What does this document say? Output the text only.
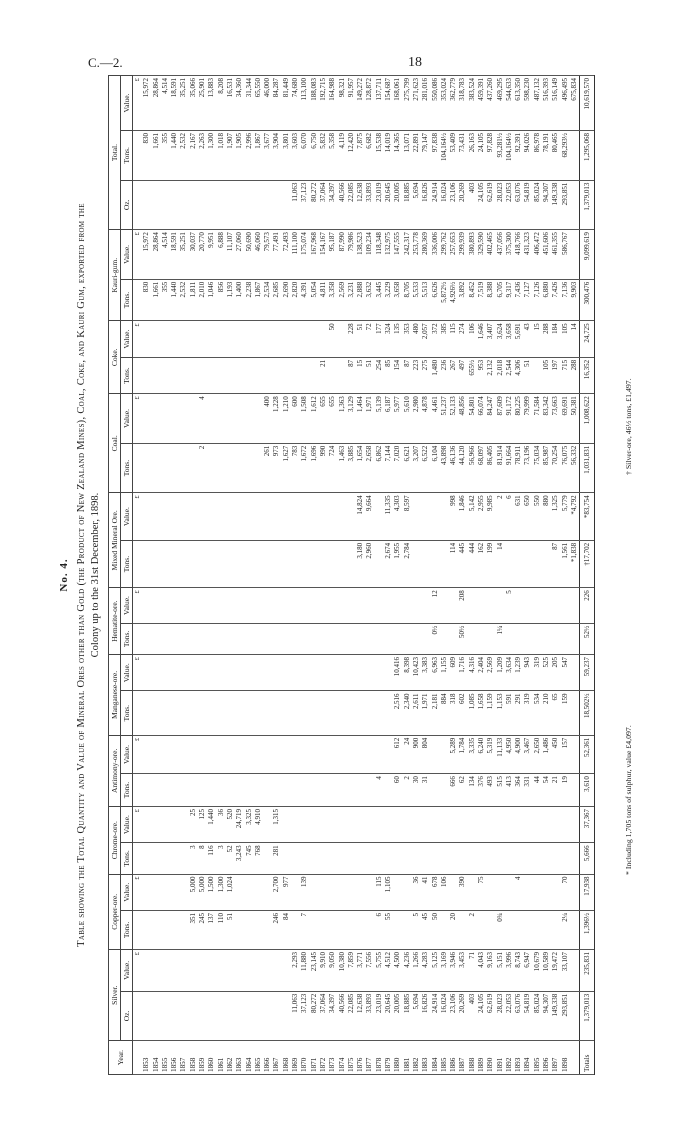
C.—2.	18
No. 4. Table showing the Total Quantity and Value of Mineral Ores other than Gold (the Product of New Zealand Mines), Coal, Coke, and Kauri Gum, exported from the Colony up to the 31st December, 1898.
Year.	Silver.		Copper-ore.		Chrome-ore.		Antimony-ore.		Manganese-ore.		Hematite-ore.		Mixed Mineral Ore.		Coal.		Coke.		Kauri-gum.		Total.		
	Oz.	Value.	Tons.	Value.	Tons.	Value.	Tons.	Value.	Tons.	Value.	Tons.	Value.	Tons.	Value.	Tons.	Value.	Tons.	Value.	Tons.	Value.	Oz.	Tons.	Value.
		£		£		£		£		£		£		£		£		£		£			£
1853																			830	15,972		830	15,972
1854																			1,661	28,864		1,661	28,864
1855																			355	4,514		355	4,514
1856																			1,440	18,591		1,440	18,591
1857																			2,532	35,251		2,532	35,251
1858			351	5,000	3	25													1,811	30,037		2,167	35,066
1859			245	5,000	8	125									2	4			2,010	20,770		2,263	25,901
1860			137	1,500	116	1,440													1,046	9,951		1,300	13,883
1861			110	1,300	3	36													856	6,888		1,018	8,208
1862			51	1,024	52	520													1,193	11,107		1,907	16,531
1863					3,243	24,719													1,400	27,060		1,905	34,360
1864					745	3,325													2,238	50,690		2,996	31,344
1865					768	4,910													1,867	46,060		1,867	65,550
1866															261	400			2,534	79,573		3,677	46,000
1867			246	2,700	281	1,315									973	1,228			2,685	77,491		3,904	84,287
1868			84	977											1,627	1,210			2,690	72,493		3,801	81,449
1869	11,063	2,293													783	600			2,820	111,100	11,063	3,603	74,680
1870	37,123	11,880	7	139											1,672	1,508			4,391	175,074	37,123	6,070	113,100
1871	80,272	23,145													1,696	1,612			5,054	167,968	80,272	6,750	188,083
1872	37,064	9,910													990	655	21		4,811	154,167	37,064	5,832	192,715
1873	34,397	9,050													724	655		50	3,358	95,187	34,397	5,358	164,988
1874	40,566	10,380													1,463	1,363			2,569	87,990	40,566	4,119	98,321
1875	22,085	7,859													3,885	3,129	87	228	3,231	79,986	22,085	12,420	91,957
1876	12,638	3,771											3,180	14,824	1,654	1,464	15	51	2,888	138,523	12,638	7,875	149,272
1877	33,893	7,556											2,960	9,664	2,658	1,971	51	72	3,632	109,234	33,893	6,682	128,872
1878	23,019	5,755	6	115			4								6,862	5,139	254	177	3,445	118,348	23,019	15,538	137,711
1879	20,645	4,512	55	1,105									2,674	11,335	7,144	6,187	85	324	3,229	132,975	20,645	14,019	154,687
1880	20,005	4,500					60	612	2,516	10,416			1,955	4,303	7,020	5,977	154	135	3,658	147,555	20,005	14,365	168,061
1881	18,885	4,236					2	24	2,340	8,398			2,784	8,597	6,621	5,610	87	353	8,705	242,317	18,885	13,071	275,799
1882	5,694	1,266	5	36			30	900	2,611	10,423					3,207	2,980	223	480	5,533	253,778	5,694	22,891	271,623
1883	16,826	4,283	45	41			31	804	1,971	3,383					6,522	4,878	275	2,057	5,513	280,369	16,826	79,147	281,016
1884	24,914	5,125	50	678					2,181	6,963	0½	12			6,104	4,461	1,480	372	6,626	336,006	24,914	97,838	550,086
1885	16,024	3,169		106					884	1,155					43,898	51,237	236	385	5,872½	299,762	16,024	104,164½	353,024
1886	23,106	3,946	20				666	5,289	318	609			114	998	46,136	52,133	267	115	4,926½	257,653	23,106	53,409	362,779
1887	20,269	3,453		390			62	1,784	602	1,716	50½	208	445	1,846	44,120	48,856	497	274	3,892	299,939	20,269	73,431	318,783
1888	403	71	2				134	3,335	1,085	4,316			444	5,142	56,966	54,801	655½	106	8,452	380,893	403	26,163	383,524
1889	24,105	4,043		75			376	6,240	1,658	2,404			162	2,955	68,097	66,074	953	1,646	7,519	329,590	24,105	24,105	459,391
1890	62,619	9,163					493	5,319	1,159	2,569			199	9,985	86,405	84,247	2,132	3,407	8,388	402,465	62,619	97,828	437,260
1891	28,023	5,151	0¾				515	11,133	1,153	1,209	1¼		14	2	81,914	87,609	2,018	3,624	6,705	437,056	28,023	93,281½	469,295
1892	22,053	3,996					413	4,950	591	3,634		5		6	91,664	91,172	2,544	3,658	9,317	375,300	22,053	104,164½	544,633
1893	63,076	8,743		4			364	4,900	291	1,239				631	78,911	80,225	4,306	5,691	7,436	418,766	63,076	92,391	613,350
1894	54,819	6,947					331	3,467	319	943				650	73,196	79,999	51	43	7,127	431,323	54,819	94,026	598,230
1895	85,024	10,679					44	2,650	534	319				550	75,034	71,584		15	7,126	406,472	85,024	86,978	487,132
1896	94,307	10,589					54	1,486	210	525				880	85,987	83,342	105	288	6,880	451,606	94,307	78,191	516,393
1897	149,338	19,472					21	450	65	205			87	1,325	70,254	73,663	197	184	7,426	461,355	149,338	80,465	516,149
1898	293,851	33,107	2¼	70			19	157	159	547			1,561	5,779	76,075	69,691	715	105	7,136	586,767	293,851	68,293½	496,495
													*1,838	*4,792	56,332	50,381	288	14	9,903				675,834
Totals	1,379,013	235,831	1,396½	17,938	5,666	37,367	3,610	52,361	18,502½	59,237	52½	226	†17,702	*83,754	1,031,831	1,008,622	16,352	24,725	300,476	9,099,619	1,379,013	1,295,068	10,619,570
* Including 1,705 tons of sulphur, value £4,097.
† Silver-ore, 46½ tons, £1,497.
